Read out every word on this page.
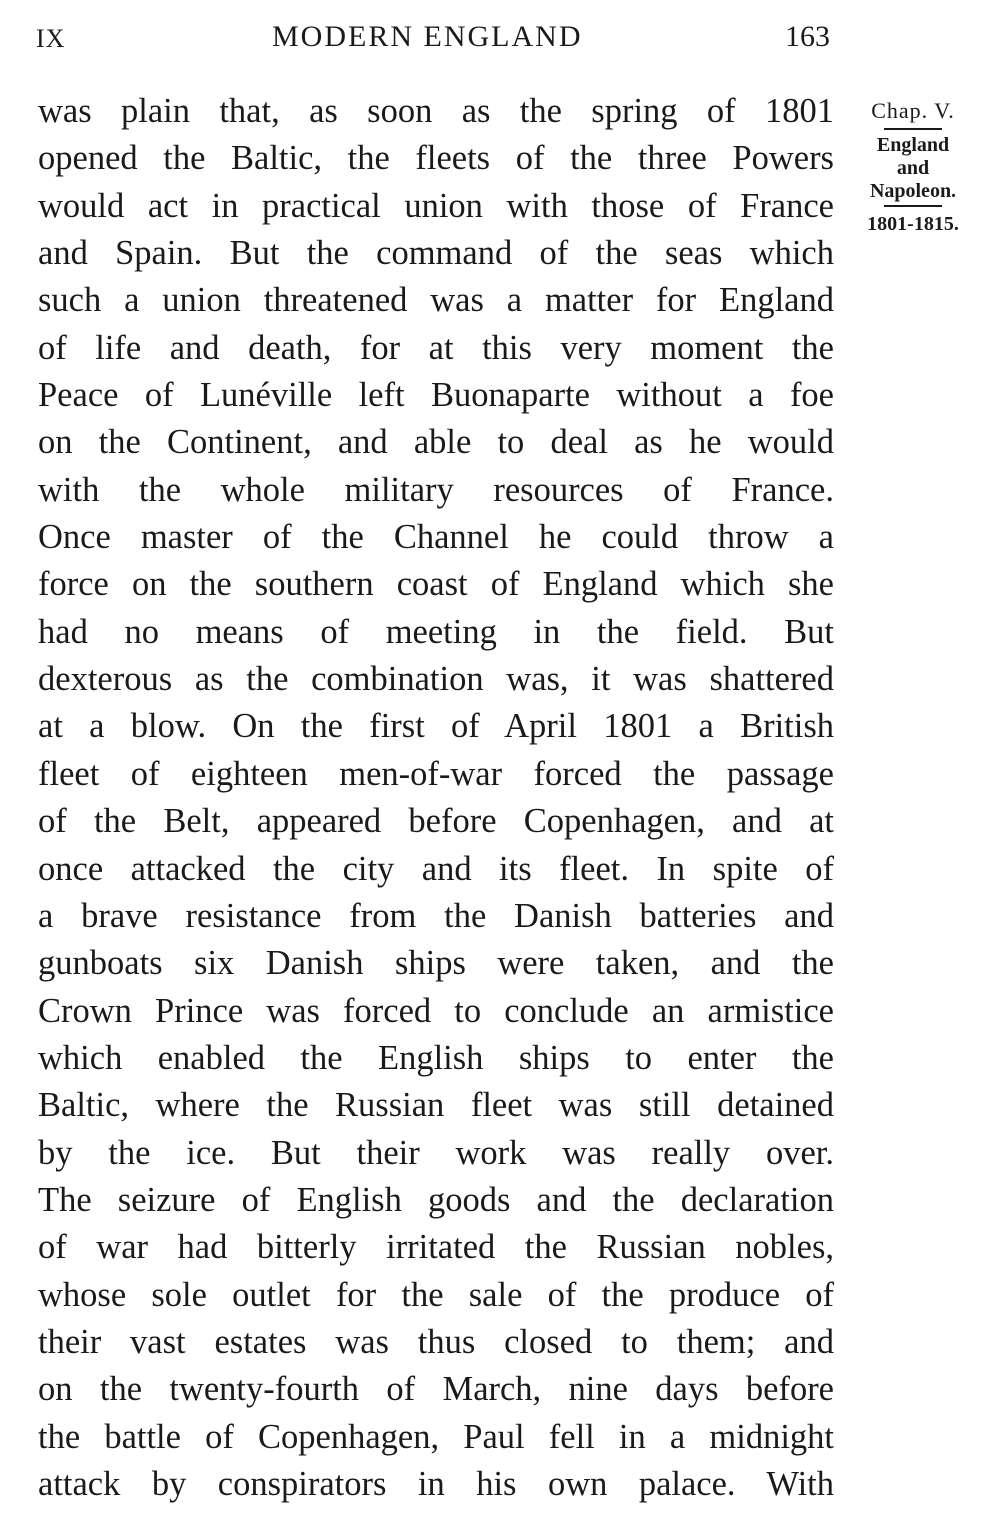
IX	MODERN ENGLAND	163
was plain that, as soon as the spring of 1801
opened the Baltic, the fleets of the three Powers
would act in practical union with those of France
and Spain. But the command of the seas which
such a union threatened was a matter for England
of life and death, for at this very moment the
Peace of Lunéville left Buonaparte without a foe
on the Continent, and able to deal as he would
with the whole military resources of France.
Once master of the Channel he could throw a
force on the southern coast of England which she
had no means of meeting in the field. But
dexterous as the combination was, it was shattered
at a blow. On the first of April 1801 a British
fleet of eighteen men-of-war forced the passage
of the Belt, appeared before Copenhagen, and at
once attacked the city and its fleet. In spite of
a brave resistance from the Danish batteries and
gunboats six Danish ships were taken, and the
Crown Prince was forced to conclude an armistice
which enabled the English ships to enter the
Baltic, where the Russian fleet was still detained
by the ice. But their work was really over.
The seizure of English goods and the declaration
of war had bitterly irritated the Russian nobles,
whose sole outlet for the sale of the produce of
their vast estates was thus closed to them; and
on the twenty-fourth of March, nine days before
the battle of Copenhagen, Paul fell in a midnight
attack by conspirators in his own palace. With
Chap. V.
England
and
Napoleon.
1801-1815.
